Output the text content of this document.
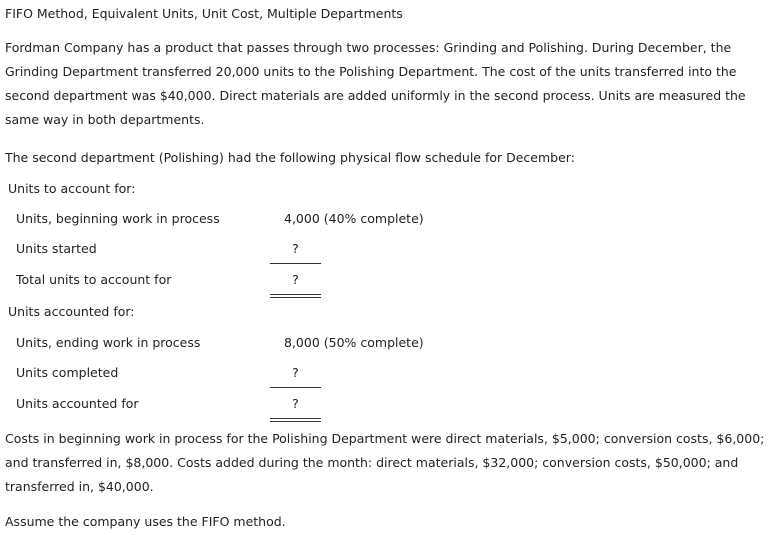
FIFO Method, Equivalent Units, Unit Cost, Multiple Departments
Fordman Company has a product that passes through two processes: Grinding and Polishing. During December, the Grinding Department transferred 20,000 units to the Polishing Department. The cost of the units transferred into the second department was $40,000. Direct materials are added uniformly in the second process. Units are measured the same way in both departments.
The second department (Polishing) had the following physical flow schedule for December:
Units to account for:
Units, beginning work in process	4,000 (40% complete)
Units started	?
Total units to account for	?
Units accounted for:
Units, ending work in process	8,000 (50% complete)
Units completed	?
Units accounted for	?
Costs in beginning work in process for the Polishing Department were direct materials, $5,000; conversion costs, $6,000; and transferred in, $8,000. Costs added during the month: direct materials, $32,000; conversion costs, $50,000; and transferred in, $40,000.
Assume the company uses the FIFO method.
